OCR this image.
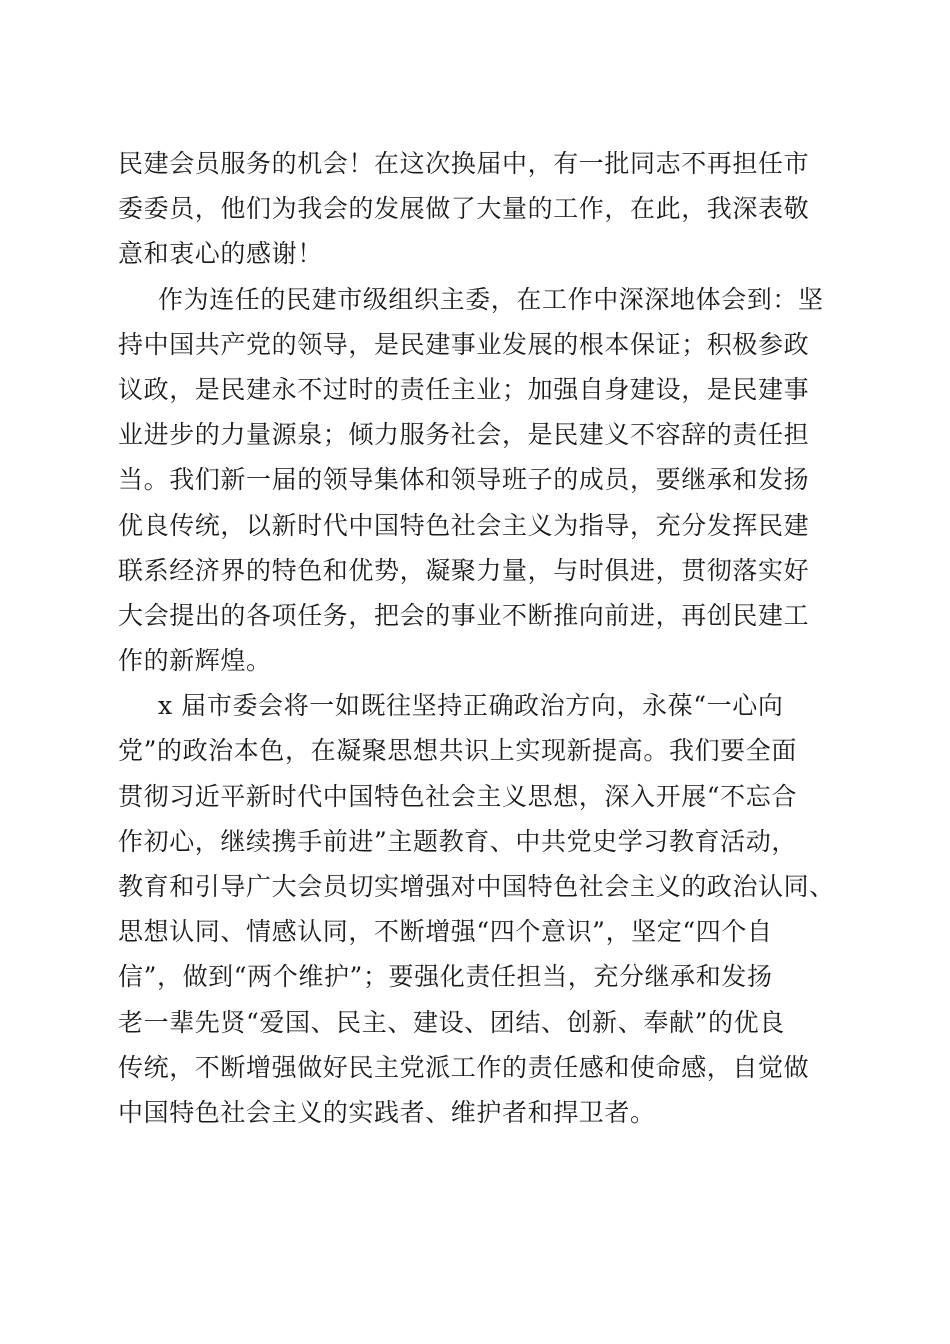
民建会员服务的机会！在这次换届中，有一批同志不再担任市
委委员，他们为我会的发展做了大量的工作，在此，我深表敬
意和衷心的感谢！
作为连任的民建市级组织主委，在工作中深深地体会到：坚
持中国共产党的领导，是民建事业发展的根本保证；积极参政
议政，是民建永不过时的责任主业；加强自身建设，是民建事
业进步的力量源泉；倾力服务社会，是民建义不容辞的责任担
当。我们新一届的领导集体和领导班子的成员，要继承和发扬
优良传统，以新时代中国特色社会主义为指导，充分发挥民建
联系经济界的特色和优势，凝聚力量，与时俱进，贯彻落实好
大会提出的各项任务，把会的事业不断推向前进，再创民建工
作的新辉煌。
x 届市委会将一如既往坚持正确政治方向，永葆“一心向
党”的政治本色，在凝聚思想共识上实现新提高。我们要全面
贯彻习近平新时代中国特色社会主义思想，深入开展“不忘合
作初心，继续携手前进”主题教育、中共党史学习教育活动，
教育和引导广大会员切实增强对中国特色社会主义的政治认同、
思想认同、情感认同，不断增强“四个意识”，坚定“四个自
信”，做到“两个维护”；要强化责任担当，充分继承和发扬
老一辈先贤“爱国、民主、建设、团结、创新、奉献”的优良
传统，不断增强做好民主党派工作的责任感和使命感，自觉做
中国特色社会主义的实践者、维护者和捍卫者。
